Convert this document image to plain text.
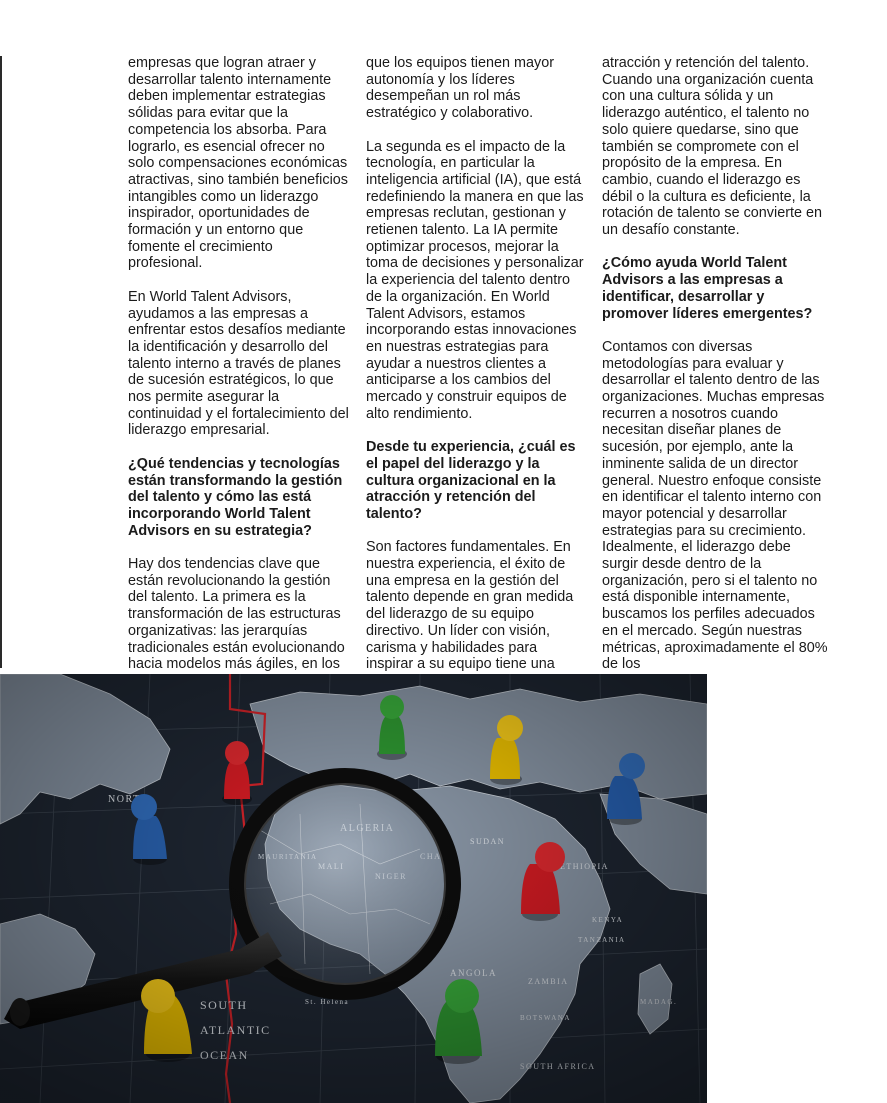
empresas que logran atraer y desarrollar talento internamente deben implementar estrategias sólidas para evitar que la competencia los absorba. Para lograrlo, es esencial ofrecer no solo compensaciones económicas atractivas, sino también beneficios intangibles como un liderazgo inspirador, oportunidades de formación y un entorno que fomente el crecimiento profesional.

En World Talent Advisors, ayudamos a las empresas a enfrentar estos desafíos mediante la identificación y desarrollo del talento interno a través de planes de sucesión estratégicos, lo que nos permite asegurar la continuidad y el fortalecimiento del liderazgo empresarial.

¿Qué tendencias y tecnologías están transformando la gestión del talento y cómo las está incorporando World Talent Advisors en su estrategia?

Hay dos tendencias clave que están revolucionando la gestión del talento. La primera es la transformación de las estructuras organizativas: las jerarquías tradicionales están evolucionando hacia modelos más ágiles, en los

que los equipos tienen mayor autonomía y los líderes desempeñan un rol más estratégico y colaborativo.

La segunda es el impacto de la tecnología, en particular la inteligencia artificial (IA), que está redefiniendo la manera en que las empresas reclutan, gestionan y retienen talento. La IA permite optimizar procesos, mejorar la toma de decisiones y personalizar la experiencia del talento dentro de la organización. En World Talent Advisors, estamos incorporando estas innovaciones en nuestras estrategias para ayudar a nuestros clientes a anticiparse a los cambios del mercado y construir equipos de alto rendimiento.

Desde tu experiencia, ¿cuál es el papel del liderazgo y la cultura organizacional en la atracción y retención del talento?

Son factores fundamentales. En nuestra experiencia, el éxito de una empresa en la gestión del talento depende en gran medida del liderazgo de su equipo directivo. Un líder con visión, carisma y habilidades para inspirar a su equipo tiene una

atracción y retención del talento. Cuando una organización cuenta con una cultura sólida y un liderazgo auténtico, el talento no solo quiere quedarse, sino que también se compromete con el propósito de la empresa. En cambio, cuando el liderazgo es débil o la cultura es deficiente, la rotación de talento se convierte en un desafío constante.

¿Cómo ayuda World Talent Advisors a las empresas a identificar, desarrollar y promover líderes emergentes?

Contamos con diversas metodologías para evaluar y desarrollar el talento dentro de las organizaciones. Muchas empresas recurren a nosotros cuando necesitan diseñar planes de sucesión, por ejemplo, ante la inminente salida de un director general. Nuestro enfoque consiste en identificar el talento interno con mayor potencial y desarrollar estrategias para su crecimiento. Idealmente, el liderazgo debe surgir desde dentro de la organización, pero si el talento no está disponible internamente, buscamos los perfiles adecuados en el mercado. Según nuestras métricas, aproximadamente el 80% de los
